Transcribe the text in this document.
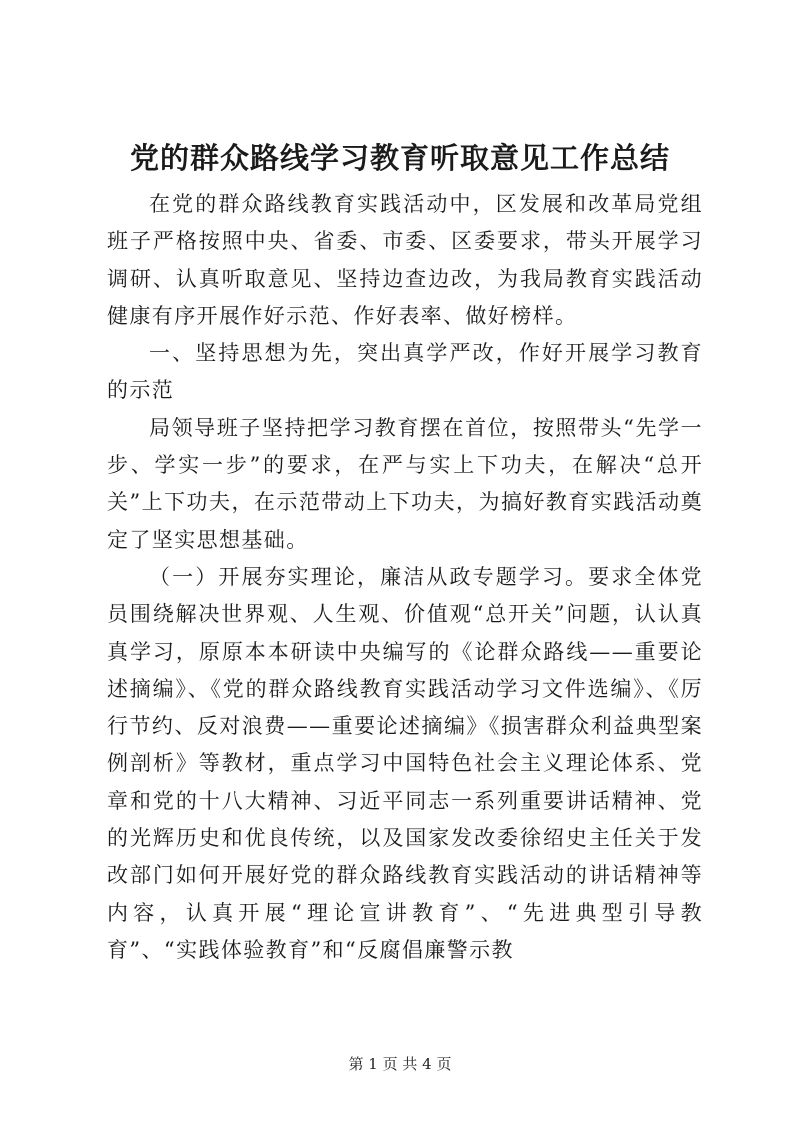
党的群众路线学习教育听取意见工作总结

在党的群众路线教育实践活动中，区发展和改革局党组班子严格按照中央、省委、市委、区委要求，带头开展学习调研、认真听取意见、坚持边查边改，为我局教育实践活动健康有序开展作好示范、作好表率、做好榜样。

一、坚持思想为先，突出真学严改，作好开展学习教育的示范

局领导班子坚持把学习教育摆在首位，按照带头“先学一步、学实一步”的要求，在严与实上下功夫，在解决“总开关”上下功夫，在示范带动上下功夫，为搞好教育实践活动奠定了坚实思想基础。

（一）开展夯实理论，廉洁从政专题学习。要求全体党员围绕解决世界观、人生观、价值观“总开关”问题，认认真真学习，原原本本研读中央编写的《论群众路线——重要论述摘编》、《党的群众路线教育实践活动学习文件选编》、《厉行节约、反对浪费——重要论述摘编》《损害群众利益典型案例剖析》等教材，重点学习中国特色社会主义理论体系、党章和党的十八大精神、习近平同志一系列重要讲话精神、党的光辉历史和优良传统，以及国家发改委徐绍史主任关于发改部门如何开展好党的群众路线教育实践活动的讲话精神等内容，认真开展“理论宣讲教育”、“先进典型引导教育”、“实践体验教育”和“反腐倡廉警示教

第 1 页 共 4 页
